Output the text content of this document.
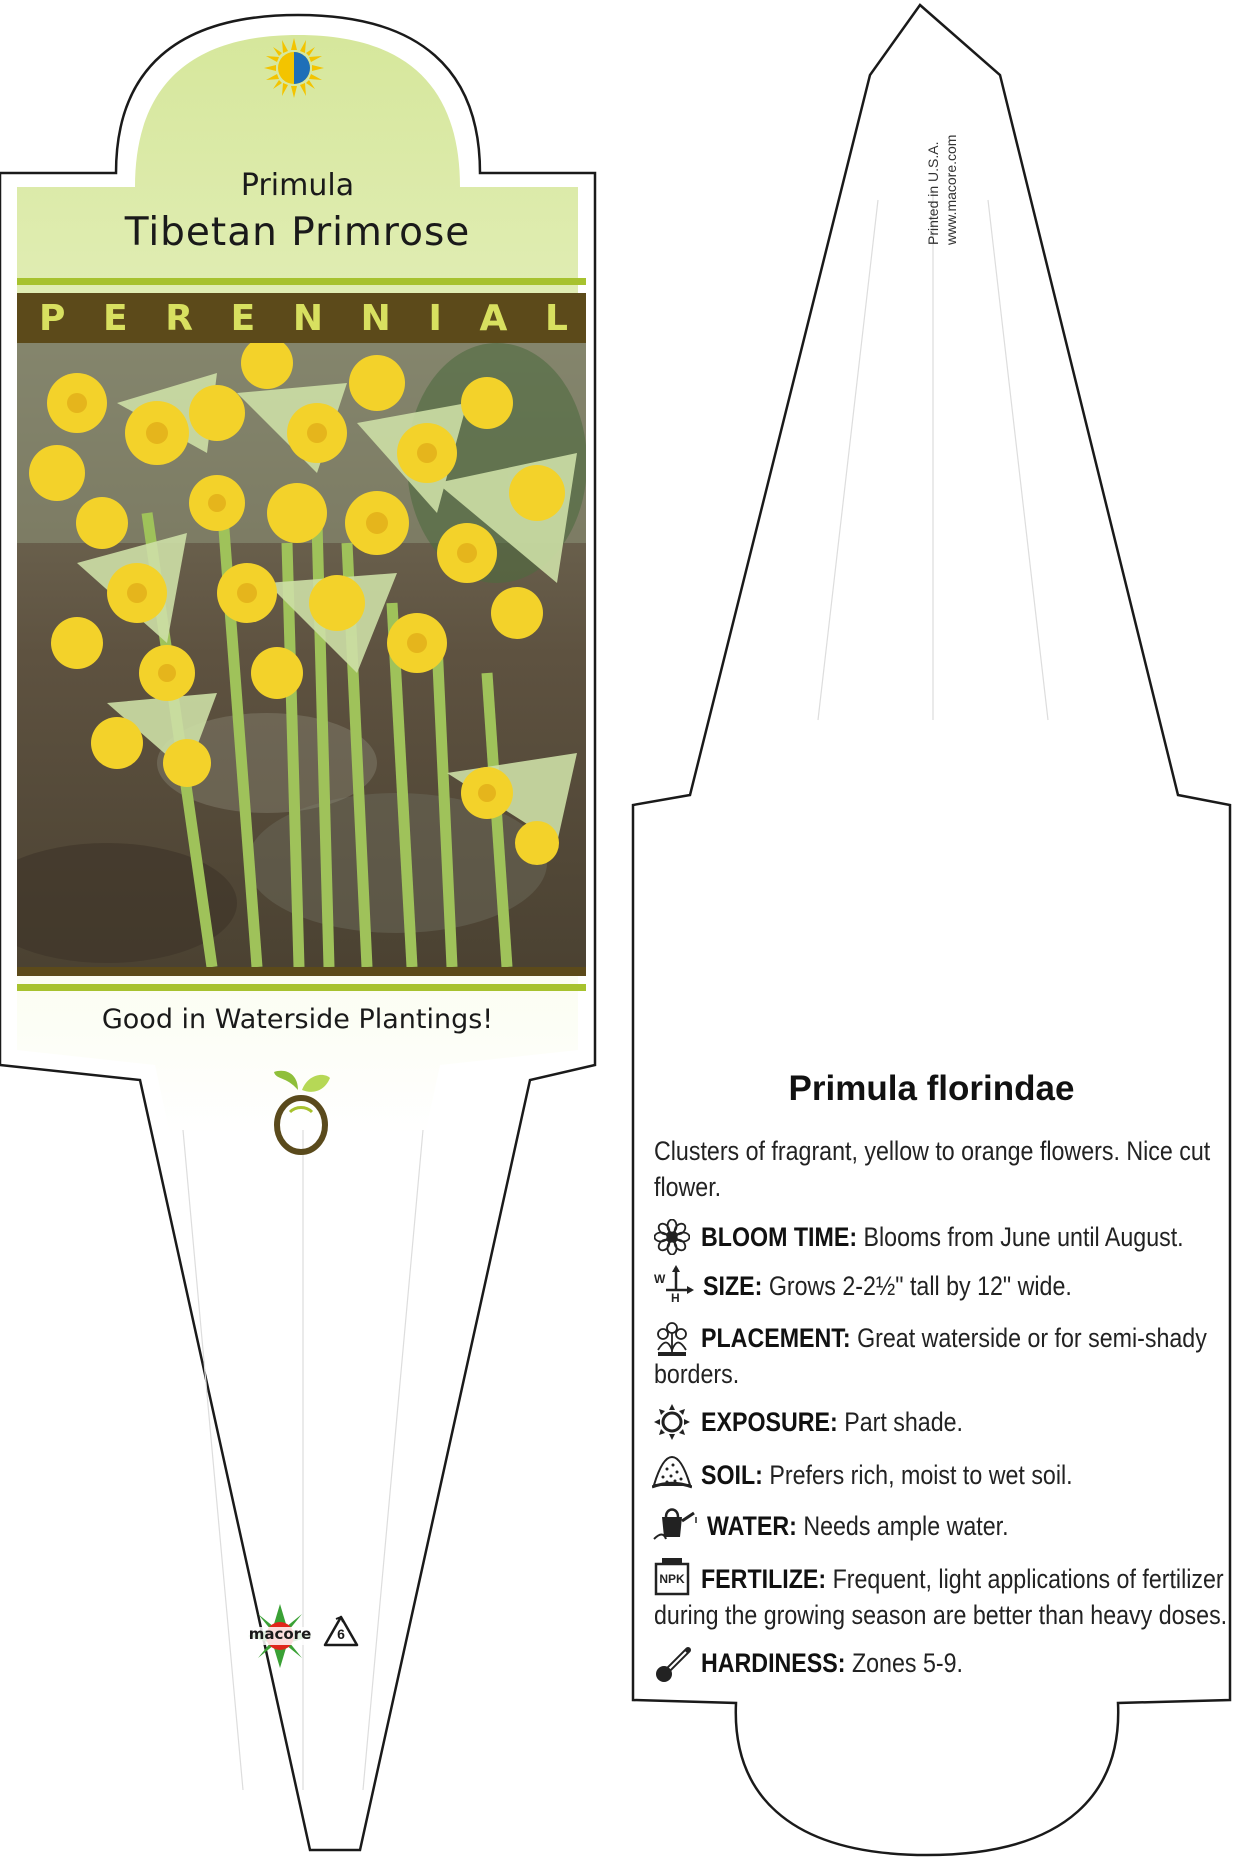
Primula
Tibetan Primrose
P E R E N N I A L
Good in Waterside Plantings!
macore	6
Printed in U.S.A. www.macore.com
Primula florindae
Clusters of fragrant, yellow to orange flowers. Nice cut
flower.
BLOOM TIME: Blooms from June until August.
W
H SIZE: Grows 2-2½" tall by 12" wide.
PLACEMENT: Great waterside or for semi-shady
borders.
EXPOSURE: Part shade.
SOIL: Prefers rich, moist to wet soil.
WATER: Needs ample water.
NPK FERTILIZE: Frequent, light applications of fertilizer
during the growing season are better than heavy doses.
HARDINESS: Zones 5-9.
